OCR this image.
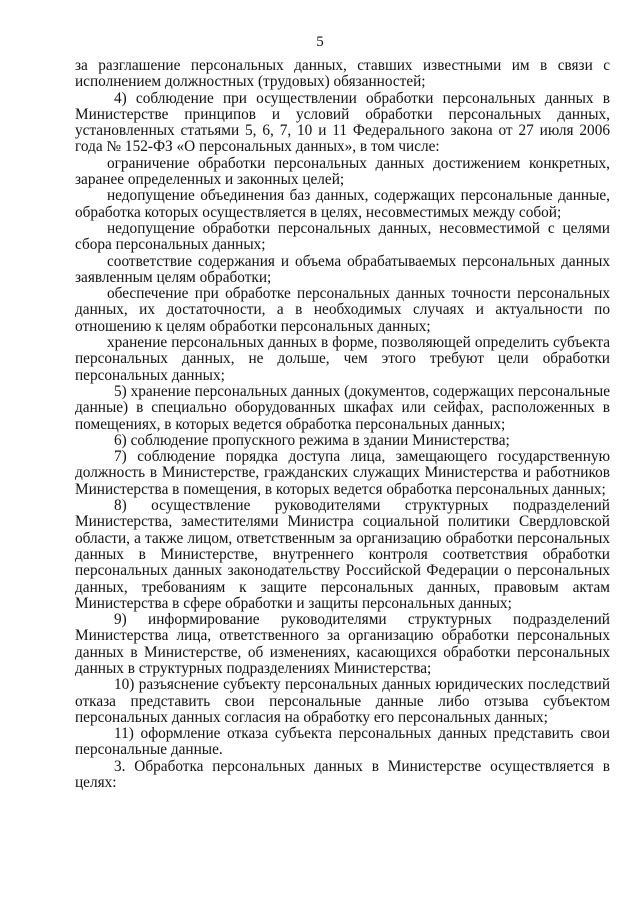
5

за разглашение персональных данных, ставших известными им в связи с исполнением должностных (трудовых) обязанностей;

4) соблюдение при осуществлении обработки персональных данных в Министерстве принципов и условий обработки персональных данных, установленных статьями 5, 6, 7, 10 и 11 Федерального закона от 27 июля 2006 года № 152-ФЗ «О персональных данных», в том числе:

ограничение обработки персональных данных достижением конкретных, заранее определенных и законных целей;

недопущение объединения баз данных, содержащих персональные данные, обработка которых осуществляется в целях, несовместимых между собой;

недопущение обработки персональных данных, несовместимой с целями сбора персональных данных;

соответствие содержания и объема обрабатываемых персональных данных заявленным целям обработки;

обеспечение при обработке персональных данных точности персональных данных, их достаточности, а в необходимых случаях и актуальности по отношению к целям обработки персональных данных;

хранение персональных данных в форме, позволяющей определить субъекта персональных данных, не дольше, чем этого требуют цели обработки персональных данных;

5) хранение персональных данных (документов, содержащих персональные данные) в специально оборудованных шкафах или сейфах, расположенных в помещениях, в которых ведется обработка персональных данных;

6) соблюдение пропускного режима в здании Министерства;

7) соблюдение порядка доступа лица, замещающего государственную должность в Министерстве, гражданских служащих Министерства и работников Министерства в помещения, в которых ведется обработка персональных данных;

8) осуществление руководителями структурных подразделений Министерства, заместителями Министра социальной политики Свердловской области, а также лицом, ответственным за организацию обработки персональных данных в Министерстве, внутреннего контроля соответствия обработки персональных данных законодательству Российской Федерации о персональных данных, требованиям к защите персональных данных, правовым актам Министерства в сфере обработки и защиты персональных данных;

9) информирование руководителями структурных подразделений Министерства лица, ответственного за организацию обработки персональных данных в Министерстве, об изменениях, касающихся обработки персональных данных в структурных подразделениях Министерства;

10) разъяснение субъекту персональных данных юридических последствий отказа представить свои персональные данные либо отзыва субъектом персональных данных согласия на обработку его персональных данных;

11) оформление отказа субъекта персональных данных представить свои персональные данные.

3. Обработка персональных данных в Министерстве осуществляется в целях:
